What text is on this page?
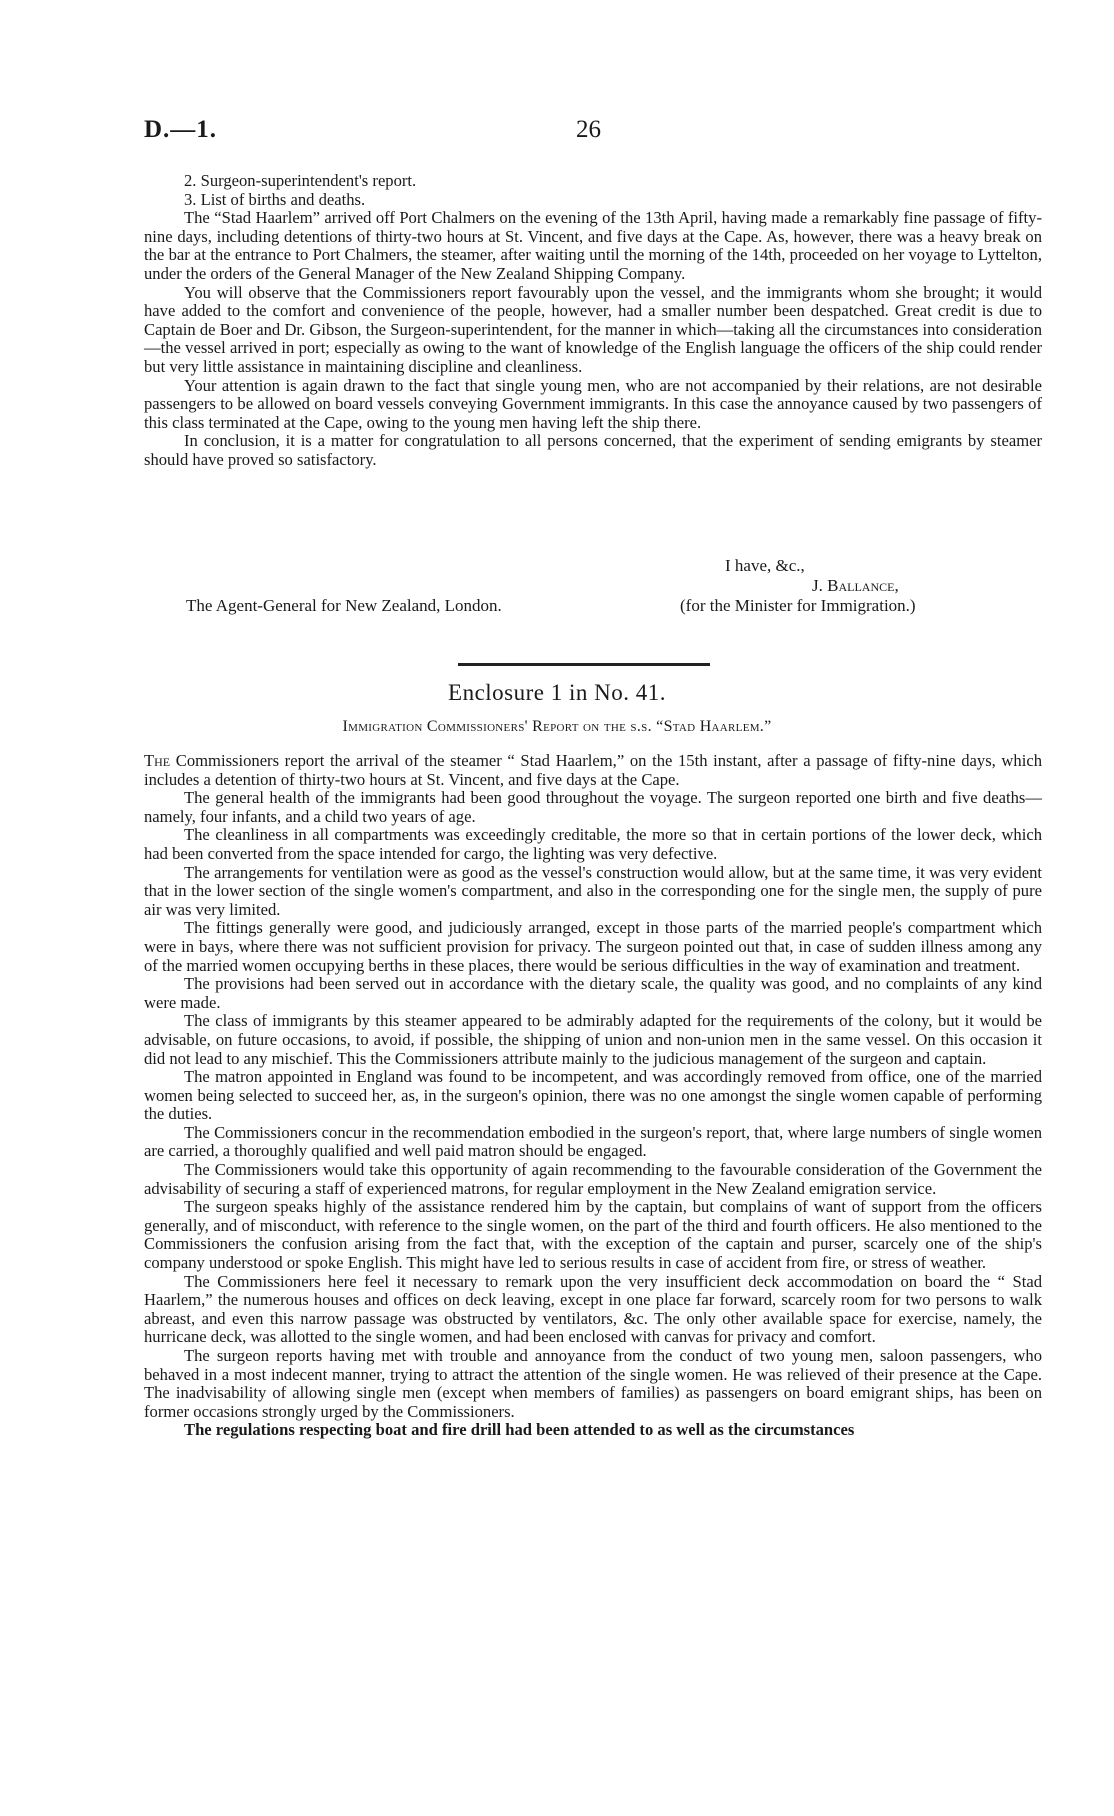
D.—1.	26

2. Surgeon-superintendent's report.

3. List of births and deaths.

The “Stad Haarlem” arrived off Port Chalmers on the evening of the 13th April, having made a remarkably fine passage of fifty-nine days, including detentions of thirty-two hours at St. Vincent, and five days at the Cape. As, however, there was a heavy break on the bar at the entrance to Port Chalmers, the steamer, after waiting until the morning of the 14th, proceeded on her voyage to Lyttelton, under the orders of the General Manager of the New Zealand Shipping Company.

You will observe that the Commissioners report favourably upon the vessel, and the immigrants whom she brought; it would have added to the comfort and convenience of the people, however, had a smaller number been despatched. Great credit is due to Captain de Boer and Dr. Gibson, the Surgeon-superintendent, for the manner in which—taking all the circumstances into consideration—the vessel arrived in port; especially as owing to the want of knowledge of the English language the officers of the ship could render but very little assistance in maintaining discipline and cleanliness.

Your attention is again drawn to the fact that single young men, who are not accompanied by their relations, are not desirable passengers to be allowed on board vessels conveying Government immigrants. In this case the annoyance caused by two passengers of this class terminated at the Cape, owing to the young men having left the ship there.

In conclusion, it is a matter for congratulation to all persons concerned, that the experiment of sending emigrants by steamer should have proved so satisfactory.

I have, &c.,
J. Ballance,
(for the Minister for Immigration.)
The Agent-General for New Zealand, London.
Enclosure 1 in No. 41.
Immigration Commissioners' Report on the s.s. “Stad Haarlem.”

The Commissioners report the arrival of the steamer “ Stad Haarlem,” on the 15th instant, after a passage of fifty-nine days, which includes a detention of thirty-two hours at St. Vincent, and five days at the Cape.

The general health of the immigrants had been good throughout the voyage. The surgeon reported one birth and five deaths—namely, four infants, and a child two years of age.

The cleanliness in all compartments was exceedingly creditable, the more so that in certain portions of the lower deck, which had been converted from the space intended for cargo, the lighting was very defective.

The arrangements for ventilation were as good as the vessel's construction would allow, but at the same time, it was very evident that in the lower section of the single women's compartment, and also in the corresponding one for the single men, the supply of pure air was very limited.

The fittings generally were good, and judiciously arranged, except in those parts of the married people's compartment which were in bays, where there was not sufficient provision for privacy. The surgeon pointed out that, in case of sudden illness among any of the married women occupying berths in these places, there would be serious difficulties in the way of examination and treatment.

The provisions had been served out in accordance with the dietary scale, the quality was good, and no complaints of any kind were made.

The class of immigrants by this steamer appeared to be admirably adapted for the requirements of the colony, but it would be advisable, on future occasions, to avoid, if possible, the shipping of union and non-union men in the same vessel. On this occasion it did not lead to any mischief. This the Commissioners attribute mainly to the judicious management of the surgeon and captain.

The matron appointed in England was found to be incompetent, and was accordingly removed from office, one of the married women being selected to succeed her, as, in the surgeon's opinion, there was no one amongst the single women capable of performing the duties.

The Commissioners concur in the recommendation embodied in the surgeon's report, that, where large numbers of single women are carried, a thoroughly qualified and well paid matron should be engaged.

The Commissioners would take this opportunity of again recommending to the favourable consideration of the Government the advisability of securing a staff of experienced matrons, for regular employment in the New Zealand emigration service.

The surgeon speaks highly of the assistance rendered him by the captain, but complains of want of support from the officers generally, and of misconduct, with reference to the single women, on the part of the third and fourth officers. He also mentioned to the Commissioners the confusion arising from the fact that, with the exception of the captain and purser, scarcely one of the ship's company understood or spoke English. This might have led to serious results in case of accident from fire, or stress of weather.

The Commissioners here feel it necessary to remark upon the very insufficient deck accommodation on board the “ Stad Haarlem,” the numerous houses and offices on deck leaving, except in one place far forward, scarcely room for two persons to walk abreast, and even this narrow passage was obstructed by ventilators, &c. The only other available space for exercise, namely, the hurricane deck, was allotted to the single women, and had been enclosed with canvas for privacy and comfort.

The surgeon reports having met with trouble and annoyance from the conduct of two young men, saloon passengers, who behaved in a most indecent manner, trying to attract the attention of the single women. He was relieved of their presence at the Cape. The inadvisability of allowing single men (except when members of families) as passengers on board emigrant ships, has been on former occasions strongly urged by the Commissioners.

The regulations respecting boat and fire drill had been attended to as well as the circumstances
